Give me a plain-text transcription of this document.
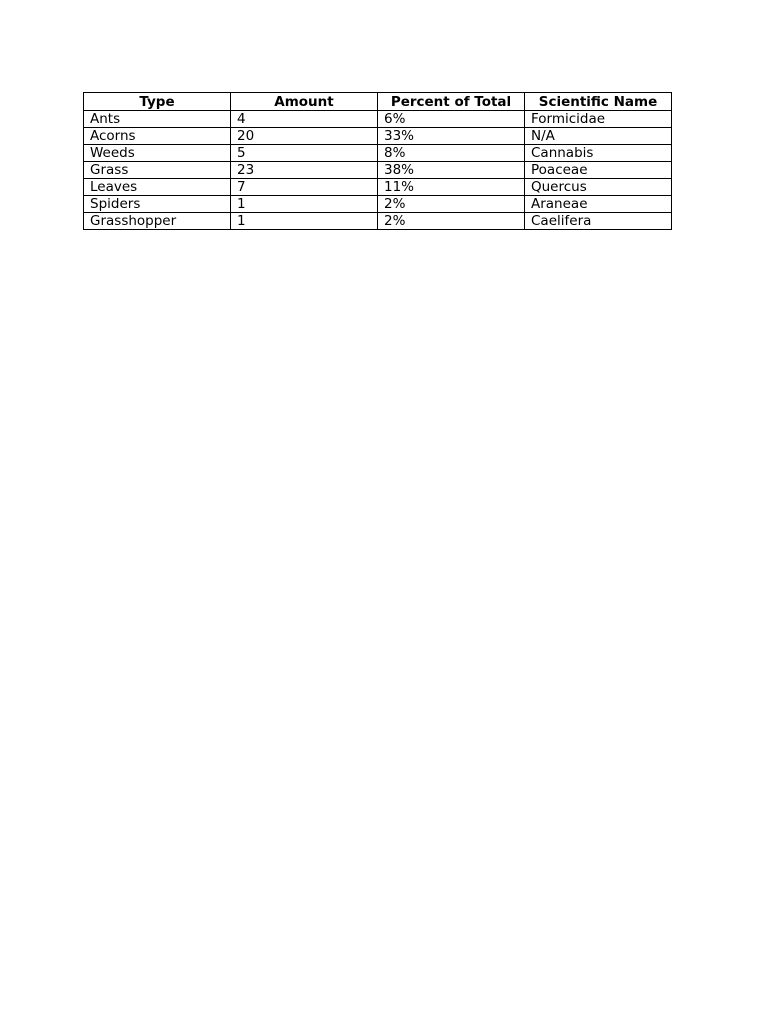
Type	Amount	Percent of Total	Scientific Name
Ants	4	6%	Formicidae
Acorns	20	33%	N/A
Weeds	5	8%	Cannabis
Grass	23	38%	Poaceae
Leaves	7	11%	Quercus
Spiders	1	2%	Araneae
Grasshopper	1	2%	Caelifera
